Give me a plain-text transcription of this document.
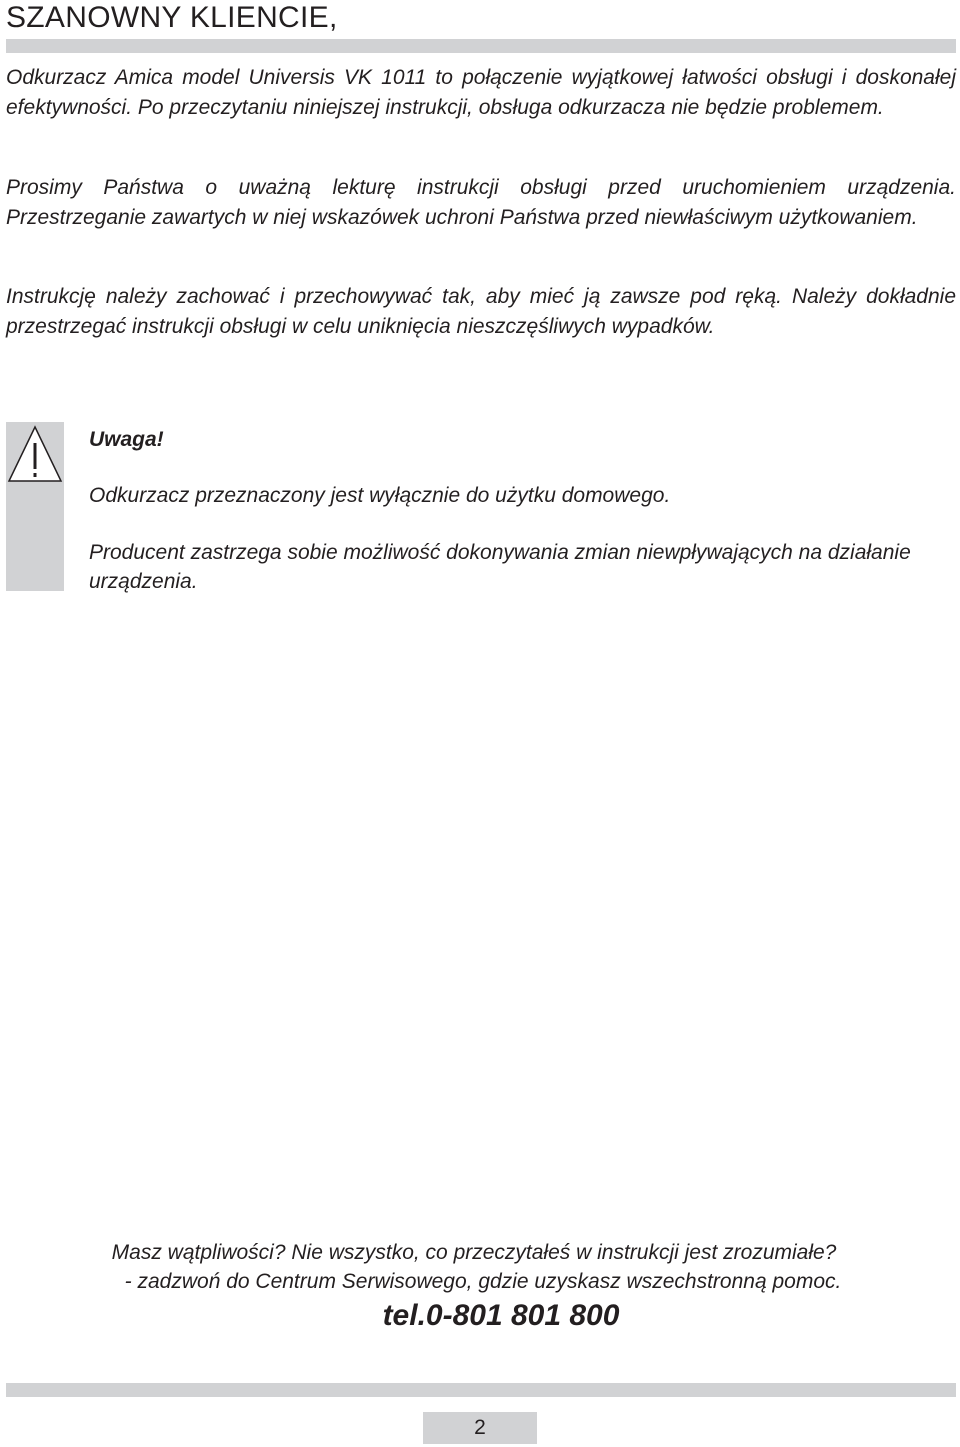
SZANOWNY KLIENCIE,

Odkurzacz Amica model Universis VK 1011 to połączenie wyjątkowej łatwości obsługi i doskonałej efektywności. Po przeczytaniu niniejszej instrukcji, obsługa odkurzacza nie będzie problemem.

Prosimy Państwa o uważną lekturę instrukcji obsługi przed uruchomieniem urządzenia. Przestrzeganie zawartych w niej wskazówek uchroni Państwa przed niewłaściwym użytkowaniem.

Instrukcję należy zachować i przechowywać tak, aby mieć ją zawsze pod ręką. Należy dokładnie przestrzegać instrukcji obsługi w celu uniknięcia nieszczęśliwych wypadków.

Uwaga!

Odkurzacz przeznaczony jest wyłącznie do użytku domowego.

Producent zastrzega sobie możliwość dokonywania zmian niewpływających na działanie urządzenia.

Masz wątpliwości? Nie wszystko, co przeczytałeś w instrukcji jest zrozumiałe?

- zadzwoń do Centrum Serwisowego, gdzie uzyskasz wszechstronną pomoc.

tel.0-801 801 800

2
